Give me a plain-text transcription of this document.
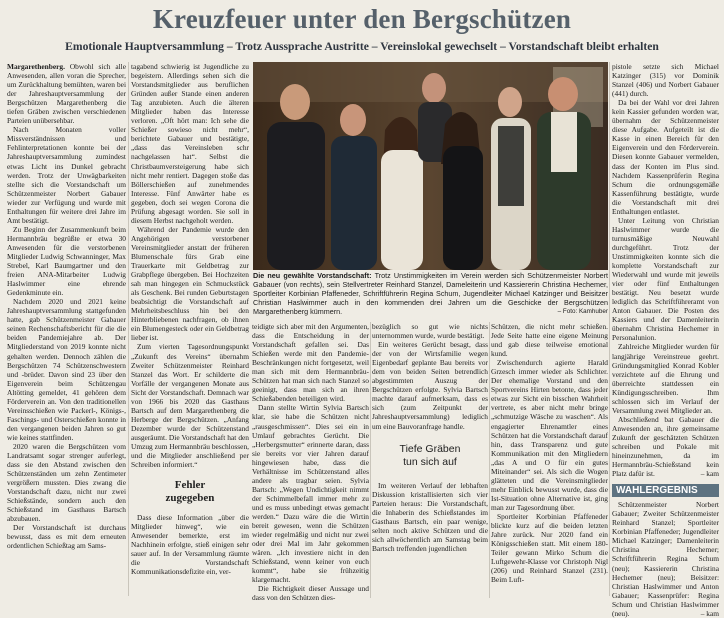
Kreuzfeuer unter den Bergschützen
Emotionale Hauptversammlung – Trotz Aussprache Austritte – Vereinslokal gewechselt – Vorstandschaft bleibt erhalten

Margarethenberg. Obwohl sich alle Anwesenden, allen voran die Sprecher, um Zurückhaltung bemühten, waren bei der Jahreshauptversammlung der Bergschützen Margarethenberg die tiefen Gräben zwischen verschiedenen Parteien unübersehbar.

Nach Monaten voller Missverständnissen und Fehlinterpretationen konnte bei der Jahreshauptversammlung zumindest etwas Licht ins Dunkel gebracht werden. Trotz der Unwägbarkeiten stellte sich die Vorstandschaft um Schützenmeister Norbert Gabauer wieder zur Verfügung und wurde mit Enthaltungen für weitere drei Jahre im Amt bestätigt.

Zu Beginn der Zusammenkunft beim Hermannbräu begrüßte er etwa 30 Anwesenden für die verstorbenen Mitglieder Ludwig Schwanninger, Max Strebel, Karl Baumgartner und den freien ANA-Mitarbeiter Ludwig Haslwimmer eine ehrende Gedenkminute ein.

Nachdem 2020 und 2021 keine Jahreshauptversammlung stattgefunden hatte, gab Schützenmeister Gabauer seinen Rechenschaftsbericht für die die beiden Pandemiejahre ab. Der Mitgliederstand von 2019 konnte nicht gehalten werden. Dennoch zählen die Bergschützen 74 Schützenschwestern und -brüder. Davon sind 23 über den Eigenverein beim Schützengau Altötting gemeldet, 41 gehören dem Förderverein an. Von den traditionellen Vereinsschießen wie Packerl-, Königs-, Faschings- und Osterschießen konnte in den vergangenen beiden Jahren so gut wie keines stattfinden.

2020 waren die Bergschützen vom Landratsamt sogar strenger auferlegt, dass sie den Abstand zwischen den Schützenständen um zehn Zentimeter vergrößern mussten. Dies zwang die Vorstandschaft dazu, nicht nur zwei Schießstände, sondern auch den Schießstand im Gasthaus Bartsch abzubauen.

Der Vorstandschaft ist durchaus bewusst, dass es mit dem erneuten ordentlichen Schießtag am Sams-

tagabend schwierig ist Jugendliche zu begeistern. Allerdings sehen sich die Vorstandsmitglieder aus beruflichen Gründen außer Stande einen anderen Tag anzubieten. Auch die älteren Mitglieder haben das Interesse verloren. „Oft hört man: Ich sehe die Schießer sowieso nicht mehr“, berichtete Gabauer und bestätigte, „dass das Vereinsleben schr nachgelassen hat“. Selbst die Christbaumversteigerung habe sich nicht mehr rentiert. Dagegen stoße das Böllerschießen auf zunehmendes Interesse. Fünf Anwärter habe es gegeben, doch sei wegen Corona die Prüfung abgesagt worden. Sie soll in diesem Herbst nachgeholt werden.

Während der Pandemie wurde den Angehörigen verstorbener Vereinsmitglieder anstatt der früheren Blumenschale fürs Grab eine Trauerkarte mit Geldbetrag zur Grabpflege übergeben. Bei Hochzeiten sah man hingegen ein Schmuckstück als Geschenk. Bei runden Geburtstagen beabsichtigt die Vorstandschaft auf Mehrheitsbeschluss hin bei den Hinterbliebenen nachfragen, ob ihnen ein Blumengesteck oder ein Geldbetrag lieber ist.

Zum vierten Tagesordnungspunkt „Zukunft des Vereins“ übernahm Zweiter Schützenmeister Reinhard Stanzel das Wort. Er schilderte die Vorfälle der vergangenen Monate aus Sicht der Vorstandschaft. Demnach war von 1966 bis 2020 das Gasthaus Bartsch auf dem Margarethenberg die Herberge der Bergschützen. „Anfang Dezember wurde der Schützenstand ausgeräumt. Die Vorstandschaft hat den Umzug zum Hermannbräu beschlossen, und die Mitglieder anschließend per Schreiben informiert.“

Fehler
zugegeben

Dass diese Information „über die Mitglieder hinweg“, wie ein Anwesender bemerkte, erst im Nachhinein erfolgte, stieß einigen sehr sauer auf. In der Versammlung räumte die Vorstandschaft Kommunikationsdefizite ein, ver-

Die neu gewählte Vorstandschaft: Trotz Unstimmigkeiten im Verein werden sich Schützenmeister Norbert Gabauer (von rechts), sein Stellvertreter Reinhard Stanzel, Dameleiterin und Kassiererin Christina Hechemer, Sportleiter Korbinian Pfaffeneder, Schriftführerin Regina Schum, Jugendleiter Michael Katzinger und Beisitzer Christian Haslwimmer auch in den kommenden drei Jahren um die Geschicke der Bergschützen Margarethenberg kümmern.	– Foto: Kamhuber

teidigte sich aber mit den Argumenten, dass die Entscheidung in der Vorstandschaft gefallen sei. Das Schießen werde mit den Pandemie-Beschränkungen nicht fortgesetzt, weil man sich mit dem Hermannbräu-Schützen hat man sich nach Stanzel so geeinigt, dass man sich an ihren Schießabenden beteiligen wird.

Dann stellte Wirtin Sylvia Bartsch klar, sie habe die Schützen nicht „rausgeschmissen“. Dies sei ein in Umlauf gebrachtes Gerücht. Die „Herbergsmutter“ erinnerte daran, dass sie bereits vor vier Jahren darauf hingewiesen habe, dass die Verhältnisse im Schützenstand alles andere als tragbar seien. Sylvia Bartsch: „Wegen Undichtigkeit nimmt der Schimmelbefall immer mehr zu und es muss unbedingt etwas gemacht werden.“ Dazu wäre die die Wirtin bereit gewesen, wenn die Schützen wieder regelmäßig und nicht nur zwei oder drei Mal im Jahr gekommen wären. „Ich investiere nicht in den Schießstand, wenn keiner von euch kommt“, habe sie frühzeitig klargemacht.

Die Richtigkeit dieser Aussage und dass von den Schützen dies-

bezüglich so gut wie nichts unternommen wurde, wurde bestätigt.

Ein weiteres Gerücht besagt, dass der von der Wirtsfamilie wegen Eigenbedarf geplante Bau bereits vor dem von beiden Seiten betrendlich abgestimmten Auszug der Bergschützen erfolgte. Sylvia Bartsch machte darauf aufmerksam, dass es sich (zum Zeitpunkt der Jahreshauptversammlung) lediglich um eine Bauvoranfrage handle.

Tiefe Gräben
tun sich auf

Im weiteren Verlauf der lebhaften Diskussion kristallisierten sich vier Parteien heraus: Die Vorstandschaft, die Inhaberin des Schießstandes im Gasthaus Bartsch, ein paar wenige, selten noch aktive Schützen und die sich allwöchentlich am Samstag beim Bartsch treffenden jugendlichen

Schützen, die nicht mehr schießen. Jede Seite hatte eine eigene Meinung und gab diese teilweise emotional kund.

Zwischendurch agierte Harald Grzesch immer wieder als Schlichter. Der ehemalige Vorstand und den Sportvereins Hirten betonte, dass jeder etwas zur Sicht ein bisschen Wahrheit vertrete, es aber nicht mehr bringe „schmutzige Wäsche zu waschen“. Als engagierter Ehrenamtler eines Schützen hat die Vorstandschaft darauf hin, dass Transparenz und gute Kommunikation mit den Mitgliedern „das A und O für ein gutes Miteinander“ sei. Als sich die Wogen glätteten und die Vereinsmitglieder mehr Einblick bewusst wurde, dass die Ist-Situation ohne Alternative ist, ging man zur Tagesordnung über.

Sportleiter Korbinian Pfaffeneder blickte kurz auf die beiden letzten Jahre zurück. Nur 2020 fand ein Königsschießen statt. Mit einem 180-Teiler gewann Mirko Schum die Luftgewehr-Klasse vor Christoph Nigl (206) und Reinhard Stanzel (231). Beim Luft-

pistole setzte sich Michael Katzinger (315) vor Dominik Stanzel (406) und Norbert Gabauer (441) durch.

Da bei der Wahl vor drei Jahren kein Kassier gefunden worden war, übernahm der Schützenmeister diese Aufgabe. Aufgeteilt ist die Kasse in einen Bereich für den Eigenverein und den Förderverein. Diesen konnte Gabauer vermelden, dass der Konten im Plus sind. Nachdem Kassenprüferin Regina Schum die ordnungsgemäße Kassenführung bestätigte, wurde die Vorstandschaft mit drei Enthaltungen entlastet.

Unter Leitung von Christian Haslwimmer wurde die turnusmäßige Neuwahl durchgeführt. Trotz der Unstimmigkeiten konnte sich die komplette Vorstandschaft zur Wiederwahl und wurde mit jeweils vier oder fünf Enthaltungen bestätigt. Neu besetzt wurde lediglich das Schriftführeramt von Anton Gabauer. Die Posten des Kassiers und der Damenleiterin übernahm Christina Hechemer in Personalunion.

Zahlreiche Mitglieder wurden für langjährige Vereinstreue geehrt. Gründungsmitglied Konrad Kobler verzichtete auf die Ehrung und überreichte stattdessen ein Kündigungsschreiben. Ihm schlossen sich im Verlauf der Versammlung zwei Mitglieder an.

Abschließend bat Gabauer die Anwesenden an, ihre gemeinsame Zukunft der geschätzten Schützen schreiben und Pokale mit hineinzunehmen, da im Hermannbräu-Schießstand kein Platz dafür ist.	– kam

WAHLERGEBNIS

Schützenmeister Norbert Gabauer; Zweiter Schützenmeister Reinhard Stanzel; Sportleiter Korbinian Pfaffeneder; Jugendleiter Michael Katzinger; Damenleiterin Christina Hechemer; Schriftführerin Regina Schum (neu); Kassiererin Christina Hechemer (neu); Beisitzer: Christian Haslwimmer und Anton Gabauer; Kassenprüfer: Regina Schum und Christian Haslwimmer (neu).	– kam
